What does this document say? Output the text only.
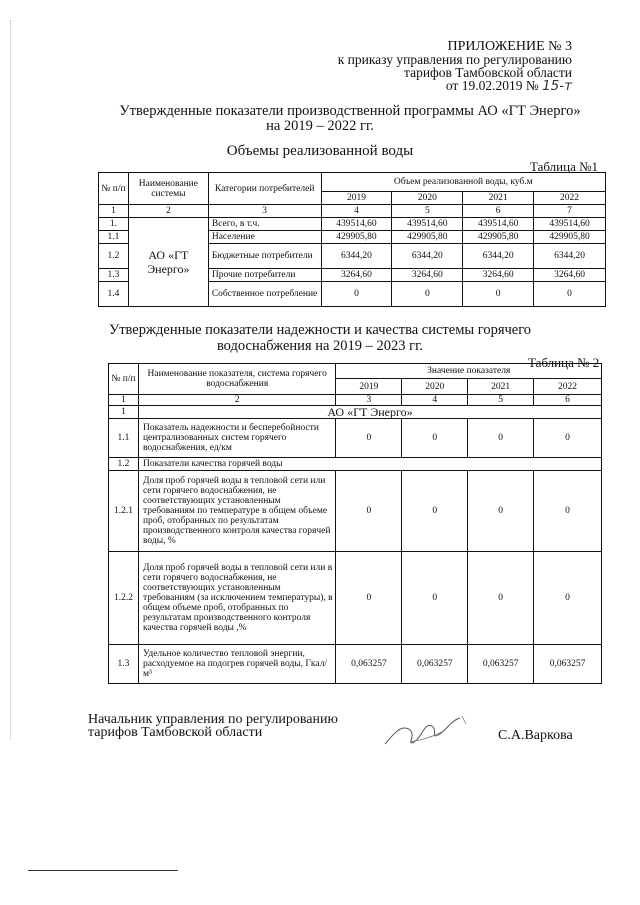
ПРИЛОЖЕНИЕ № 3
к приказу управления по регулированию
тарифов Тамбовской области
от 19.02.2019 № 15-т
Утвержденные показатели производственной программы АО «ГТ Энерго»
на 2019 – 2022 гг.
Объемы реализованной воды
Таблица №1
№ п/п	Наименование системы	Категории потребителей	Объем реализованной воды, куб.м			
			2019	2020	2021	2022
1	2	3	4	5	6	7
1.	АО «ГТ Энерго»	Всего, в т.ч.	439514,60	439514,60	439514,60	439514,60
1.1		Население	429905,80	429905,80	429905,80	429905,80
1.2		Бюджетные потребители	6344,20	6344,20	6344,20	6344,20
1.3		Прочие потребители	3264,60	3264,60	3264,60	3264,60
1.4		Собственное потребление	0	0	0	0
Утвержденные показатели надежности и качества системы горячего
водоснабжения на 2019 – 2023 гг.
Таблица № 2
№ п/п	Наименование показателя, система горячего водоснабжения	Значение показателя			
		2019	2020	2021	2022
1	2	3	4	5	6
1	АО «ГТ Энерго»				
1.1	Показатель надежности и бесперебойности централизованных систем горячего водоснабжения, ед/км	0	0	0	0
1.2	Показатели качества горячей воды				
1.2.1	Доля проб горячей воды в тепловой сети или сети горячего водоснабжения, не соответствующих установленным требованиям по температуре в общем объеме проб, отобранных по результатам производственного контроля качества горячей воды, %	0	0	0	0
1.2.2	Доля проб горячей воды в тепловой сети или в сети горячего водоснабжения, не соответствующих установленным требованиям (за исключением температуры), в общем объеме проб, отобранных по результатам производственного контроля качества горячей воды ,%	0	0	0	0
1.3	Удельное количество тепловой энергии, расходуемое на подогрев горячей воды, Гкал/м³	0,063257	0,063257	0,063257	0,063257
Начальник управления по регулированию
тарифов Тамбовской области	С.А.Варкова
